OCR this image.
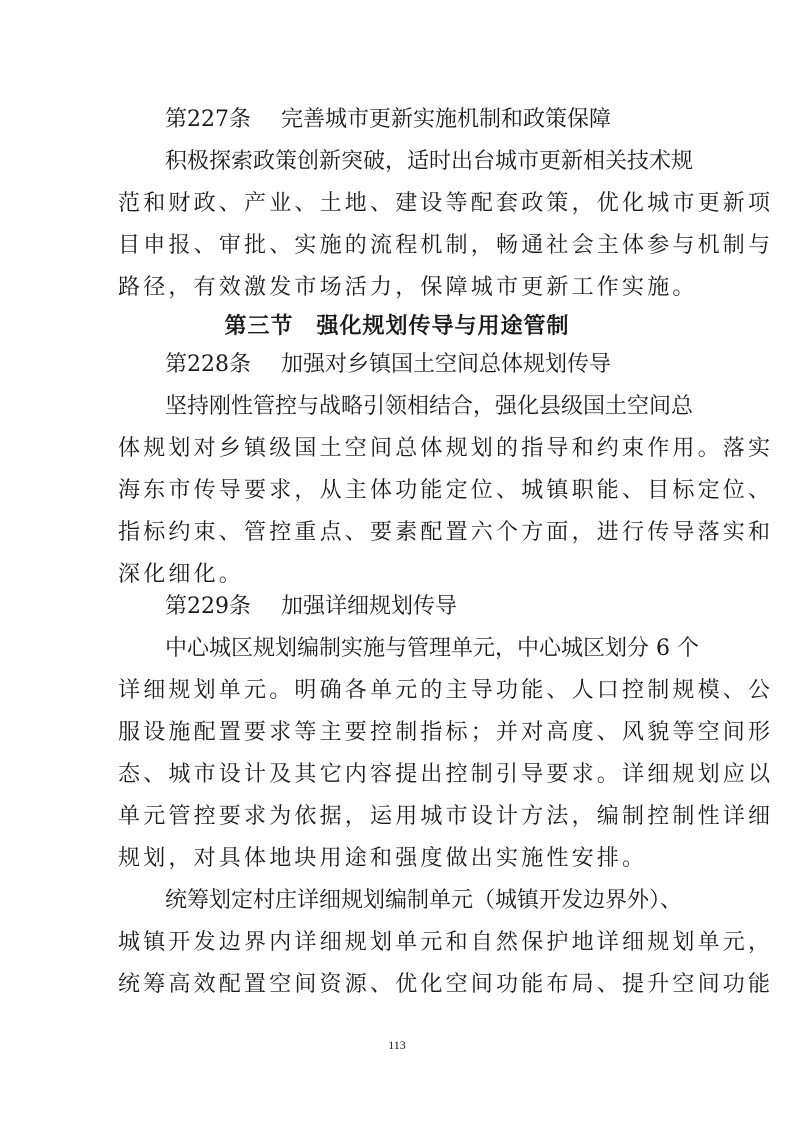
第227条 完善城市更新实施机制和政策保障
积极探索政策创新突破，适时出台城市更新相关技术规
范和财政、产业、土地、建设等配套政策，优化城市更新项
目申报、审批、实施的流程机制，畅通社会主体参与机制与
路径，有效激发市场活力，保障城市更新工作实施。
第三节　强化规划传导与用途管制
第228条 加强对乡镇国土空间总体规划传导
坚持刚性管控与战略引领相结合，强化县级国土空间总
体规划对乡镇级国土空间总体规划的指导和约束作用。落实
海东市传导要求，从主体功能定位、城镇职能、目标定位、
指标约束、管控重点、要素配置六个方面，进行传导落实和
深化细化。
第229条 加强详细规划传导
中心城区规划编制实施与管理单元，中心城区划分 6 个
详细规划单元。明确各单元的主导功能、人口控制规模、公
服设施配置要求等主要控制指标；并对高度、风貌等空间形
态、城市设计及其它内容提出控制引导要求。详细规划应以
单元管控要求为依据，运用城市设计方法，编制控制性详细
规划，对具体地块用途和强度做出实施性安排。
统筹划定村庄详细规划编制单元（城镇开发边界外）、
城镇开发边界内详细规划单元和自然保护地详细规划单元，
统筹高效配置空间资源、优化空间功能布局、提升空间功能
113
